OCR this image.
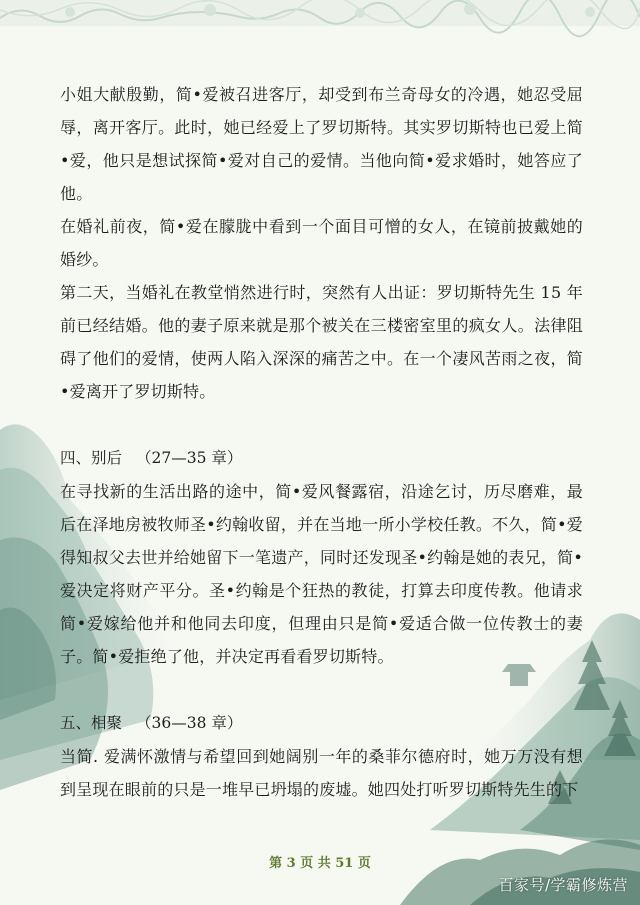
小姐大献殷勤，简•爱被召进客厅，却受到布兰奇母女的冷遇，她忍受屈辱，离开客厅。此时，她已经爱上了罗切斯特。其实罗切斯特也已爱上简•爱，他只是想试探简•爱对自己的爱情。当他向简•爱求婚时，她答应了他。

在婚礼前夜，简•爱在朦胧中看到一个面目可憎的女人，在镜前披戴她的婚纱。

第二天，当婚礼在教堂悄然进行时，突然有人出证：罗切斯特先生 15 年前已经结婚。他的妻子原来就是那个被关在三楼密室里的疯女人。法律阻碍了他们的爱情，使两人陷入深深的痛苦之中。在一个凄风苦雨之夜，简•爱离开了罗切斯特。

四、别后 （27—35 章）

在寻找新的生活出路的途中，简•爱风餐露宿，沿途乞讨，历尽磨难，最后在泽地房被牧师圣•约翰收留，并在当地一所小学校任教。不久，简•爱得知叔父去世并给她留下一笔遗产，同时还发现圣•约翰是她的表兄，简•爱决定将财产平分。圣•约翰是个狂热的教徒，打算去印度传教。他请求简•爱嫁给他并和他同去印度，但理由只是简•爱适合做一位传教士的妻子。简•爱拒绝了他，并决定再看看罗切斯特。

五、相聚 （36—38 章）

当简. 爱满怀激情与希望回到她阔别一年的桑菲尔德府时，她万万没有想到呈现在眼前的只是一堆早已坍塌的废墟。她四处打听罗切斯特先生的下

第 3 页 共 51 页
百家号/学霸修炼营
